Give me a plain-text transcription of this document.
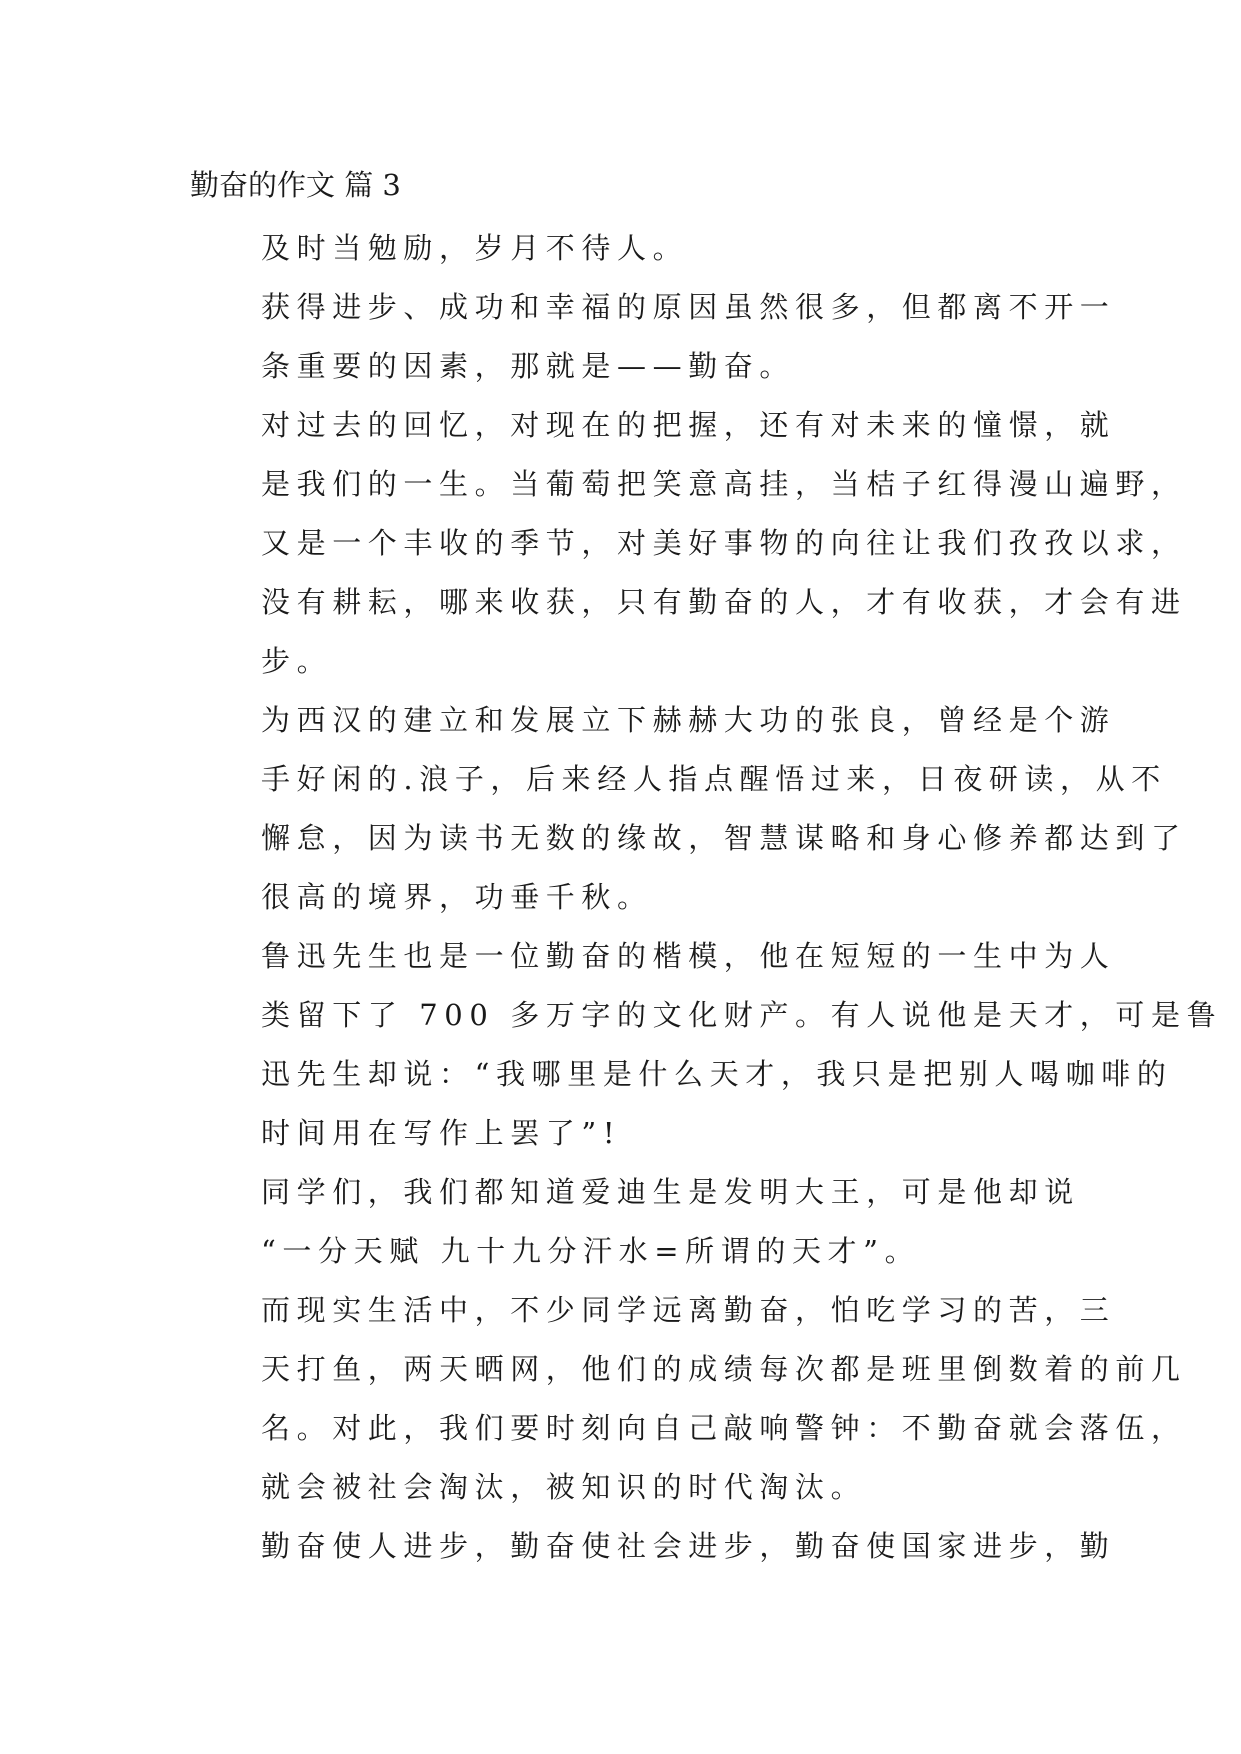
勤奋的作文 篇 3

及时当勉励，岁月不待人。

获得进步、成功和幸福的原因虽然很多，但都离不开一
条重要的因素，那就是——勤奋。

对过去的回忆，对现在的把握，还有对未来的憧憬，就
是我们的一生。当葡萄把笑意高挂，当桔子红得漫山遍野，
又是一个丰收的季节，对美好事物的向往让我们孜孜以求，
没有耕耘，哪来收获，只有勤奋的人，才有收获，才会有进
步。

为西汉的建立和发展立下赫赫大功的张良，曾经是个游
手好闲的.浪子，后来经人指点醒悟过来，日夜研读，从不
懈怠，因为读书无数的缘故，智慧谋略和身心修养都达到了
很高的境界，功垂千秋。

鲁迅先生也是一位勤奋的楷模，他在短短的一生中为人
类留下了 700 多万字的文化财产。有人说他是天才，可是鲁
迅先生却说：“我哪里是什么天才，我只是把别人喝咖啡的
时间用在写作上罢了”!

同学们，我们都知道爱迪生是发明大王，可是他却说
“一分天赋 九十九分汗水=所谓的天才”。

而现实生活中，不少同学远离勤奋，怕吃学习的苦，三
天打鱼，两天晒网，他们的成绩每次都是班里倒数着的前几
名。对此，我们要时刻向自己敲响警钟：不勤奋就会落伍，
就会被社会淘汰，被知识的时代淘汰。

勤奋使人进步，勤奋使社会进步，勤奋使国家进步，勤
